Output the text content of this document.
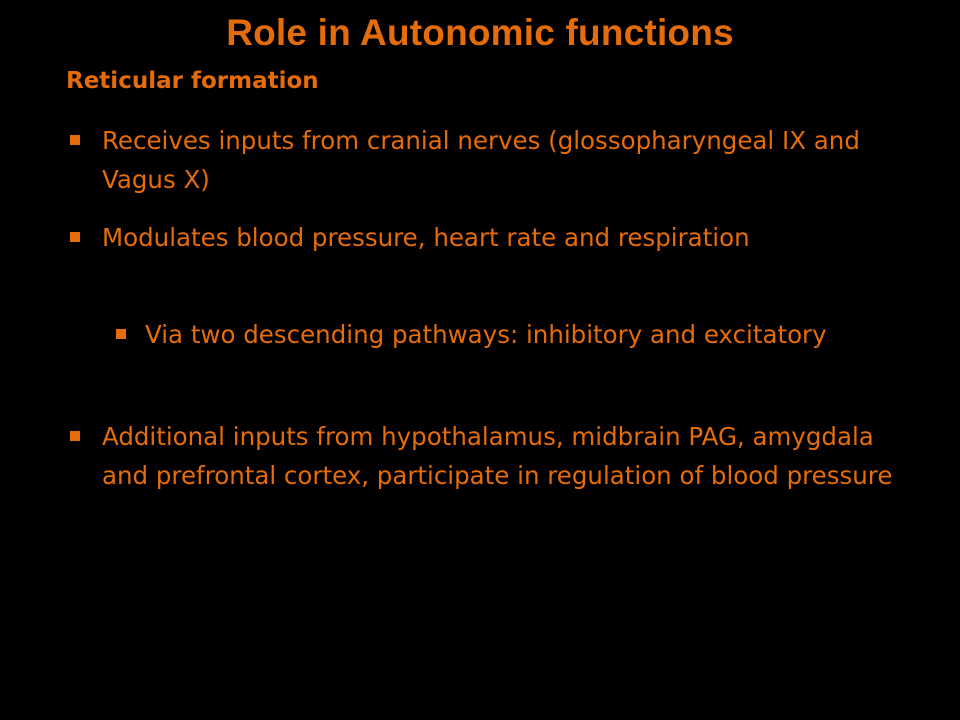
Role in Autonomic functions
Reticular formation
Receives inputs from cranial nerves (glossopharyngeal IX and Vagus X)
Modulates blood pressure, heart rate and respiration
Via two descending pathways: inhibitory and excitatory
Additional inputs from hypothalamus, midbrain PAG, amygdala and prefrontal cortex, participate in regulation of blood pressure
